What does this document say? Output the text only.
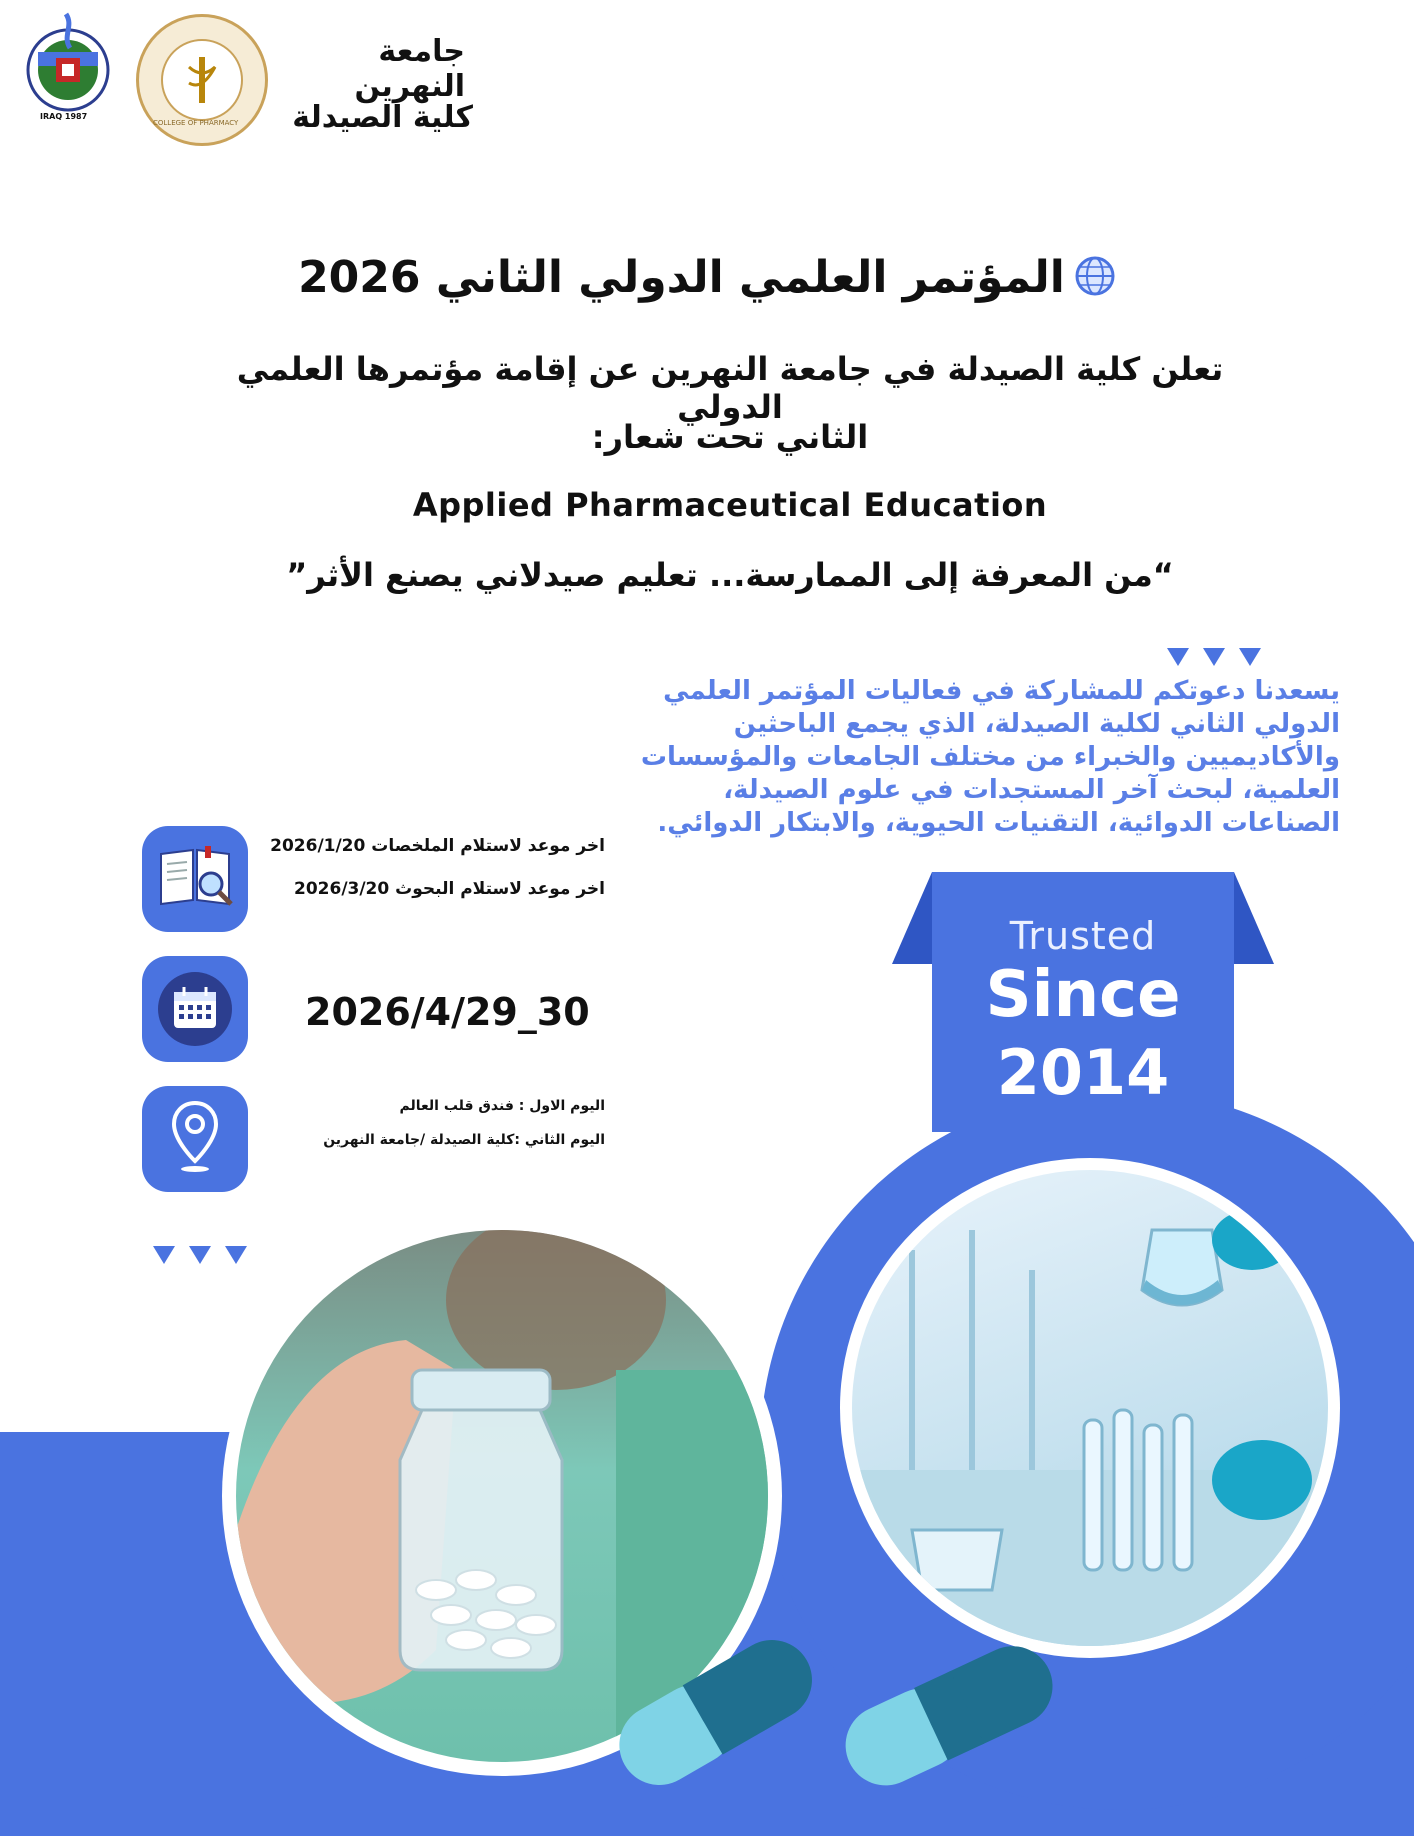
IRAQ 1987
COLLEGE OF PHARMACY
جامعة النهرين
كلية الصيدلة
المؤتمر العلمي الدولي الثاني 2026
تعلن كلية الصيدلة في جامعة النهرين عن إقامة مؤتمرها العلمي الدولي
الثاني تحت شعار:
Applied Pharmaceutical Education
“من المعرفة إلى الممارسة... تعليم صيدلاني يصنع الأثر”
يسعدنا دعوتكم للمشاركة في فعاليات المؤتمر العلمي
الدولي الثاني لكلية الصيدلة، الذي يجمع الباحثين
والأكاديميين والخبراء من مختلف الجامعات والمؤسسات
العلمية، لبحث آخر المستجدات في علوم الصيدلة،
الصناعات الدوائية، التقنيات الحيوية، والابتكار الدوائي.
اخر موعد لاستلام الملخصات 2026/1/20
اخر موعد لاستلام البحوث 2026/3/20
2026/4/29_30
اليوم الاول : فندق قلب العالم
اليوم الثاني :كلية الصيدلة /جامعة النهرين
Trusted
Since
2014
